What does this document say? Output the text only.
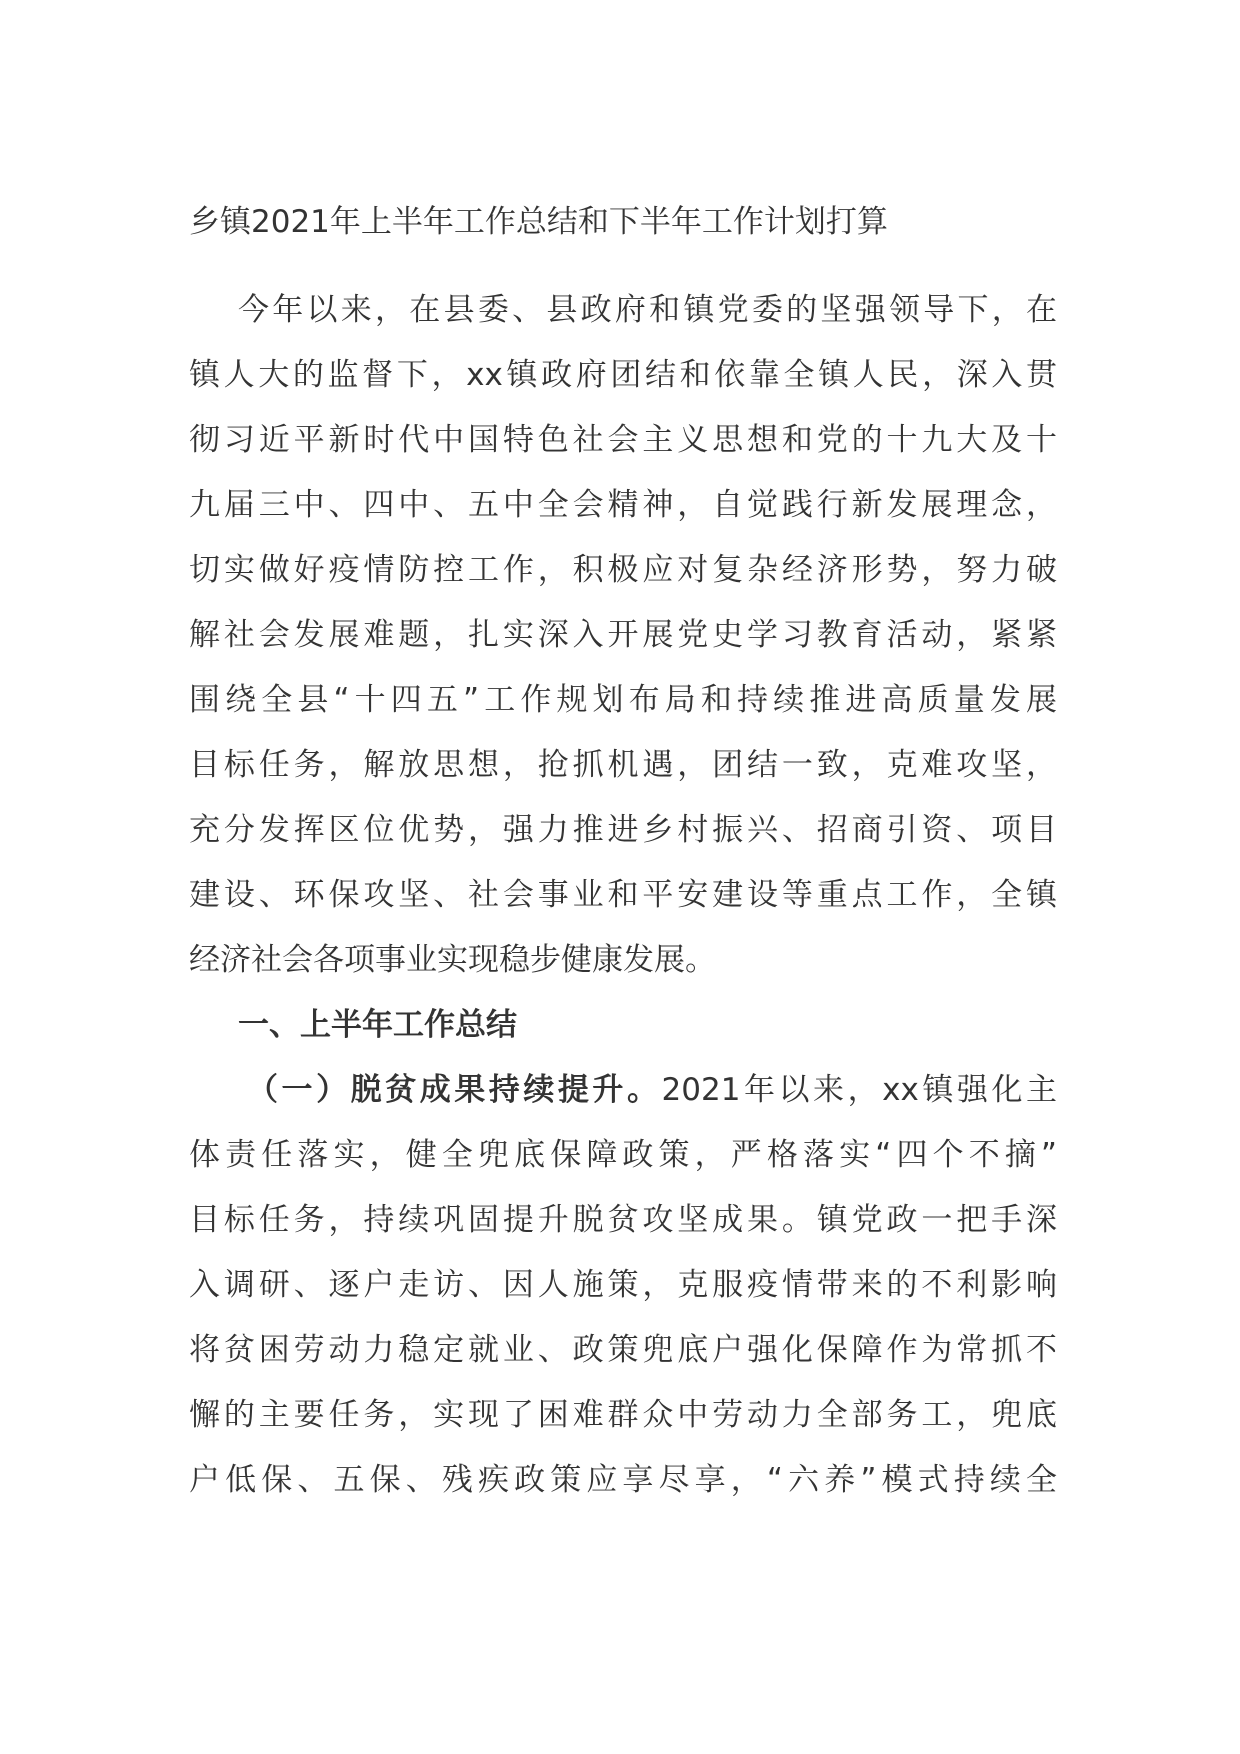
乡镇2021年上半年工作总结和下半年工作计划打算

今年以来，在县委、县政府和镇党委的坚强领导下，在

镇人大的监督下，xx镇政府团结和依靠全镇人民，深入贯

彻习近平新时代中国特色社会主义思想和党的十九大及十

九届三中、四中、五中全会精神，自觉践行新发展理念，

切实做好疫情防控工作，积极应对复杂经济形势，努力破

解社会发展难题，扎实深入开展党史学习教育活动，紧紧

围绕全县“十四五”工作规划布局和持续推进高质量发展

目标任务，解放思想，抢抓机遇，团结一致，克难攻坚，

充分发挥区位优势，强力推进乡村振兴、招商引资、项目

建设、环保攻坚、社会事业和平安建设等重点工作，全镇

经济社会各项事业实现稳步健康发展。

一、上半年工作总结

（一）脱贫成果持续提升。2021年以来，xx镇强化主

体责任落实，健全兜底保障政策，严格落实“四个不摘”

目标任务，持续巩固提升脱贫攻坚成果。镇党政一把手深

入调研、逐户走访、因人施策，克服疫情带来的不利影响

将贫困劳动力稳定就业、政策兜底户强化保障作为常抓不

懈的主要任务，实现了困难群众中劳动力全部务工，兜底

户低保、五保、残疾政策应享尽享，“六养”模式持续全
